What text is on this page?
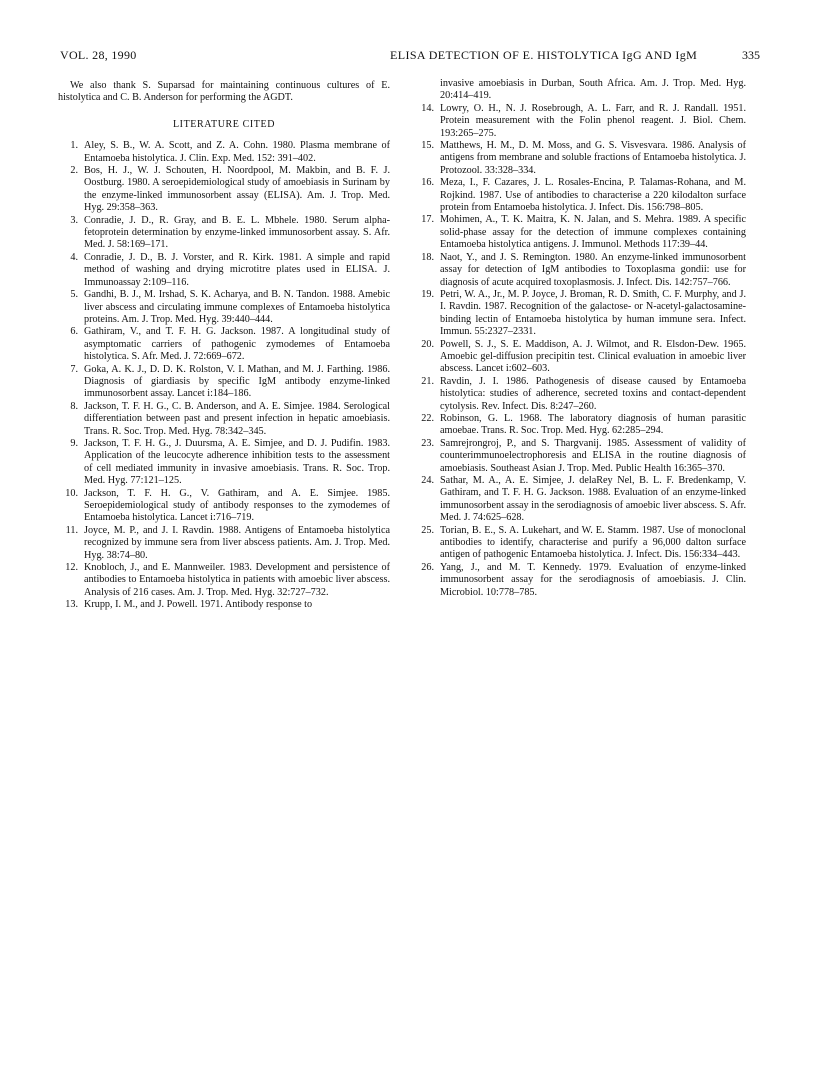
VOL. 28, 1990	ELISA DETECTION OF E. HISTOLYTICA IgG AND IgM	335

We also thank S. Suparsad for maintaining continuous cultures of E. histolytica and C. B. Anderson for performing the AGDT.

LITERATURE CITED
1. Aley, S. B., W. A. Scott, and Z. A. Cohn. 1980. Plasma membrane of Entamoeba histolytica. J. Clin. Exp. Med. 152: 391–402.
2. Bos, H. J., W. J. Schouten, H. Noordpool, M. Makbin, and B. F. J. Oostburg. 1980. A seroepidemiological study of amoebiasis in Surinam by the enzyme-linked immunosorbent assay (ELISA). Am. J. Trop. Med. Hyg. 29:358–363.
3. Conradie, J. D., R. Gray, and B. E. L. Mbhele. 1980. Serum alpha-fetoprotein determination by enzyme-linked immunosorbent assay. S. Afr. Med. J. 58:169–171.
4. Conradie, J. D., B. J. Vorster, and R. Kirk. 1981. A simple and rapid method of washing and drying microtitre plates used in ELISA. J. Immunoassay 2:109–116.
5. Gandhi, B. J., M. Irshad, S. K. Acharya, and B. N. Tandon. 1988. Amebic liver abscess and circulating immune complexes of Entamoeba histolytica proteins. Am. J. Trop. Med. Hyg. 39:440–444.
6. Gathiram, V., and T. F. H. G. Jackson. 1987. A longitudinal study of asymptomatic carriers of pathogenic zymodemes of Entamoeba histolytica. S. Afr. Med. J. 72:669–672.
7. Goka, A. K. J., D. D. K. Rolston, V. I. Mathan, and M. J. Farthing. 1986. Diagnosis of giardiasis by specific IgM antibody enzyme-linked immunosorbent assay. Lancet i:184–186.
8. Jackson, T. F. H. G., C. B. Anderson, and A. E. Simjee. 1984. Serological differentiation between past and present infection in hepatic amoebiasis. Trans. R. Soc. Trop. Med. Hyg. 78:342–345.
9. Jackson, T. F. H. G., J. Duursma, A. E. Simjee, and D. J. Pudifin. 1983. Application of the leucocyte adherence inhibition tests to the assessment of cell mediated immunity in invasive amoebiasis. Trans. R. Soc. Trop. Med. Hyg. 77:121–125.
10. Jackson, T. F. H. G., V. Gathiram, and A. E. Simjee. 1985. Seroepidemiological study of antibody responses to the zymodemes of Entamoeba histolytica. Lancet i:716–719.
11. Joyce, M. P., and J. I. Ravdin. 1988. Antigens of Entamoeba histolytica recognized by immune sera from liver abscess patients. Am. J. Trop. Med. Hyg. 38:74–80.
12. Knobloch, J., and E. Mannweiler. 1983. Development and persistence of antibodies to Entamoeba histolytica in patients with amoebic liver abscess. Analysis of 216 cases. Am. J. Trop. Med. Hyg. 32:727–732.
13. Krupp, I. M., and J. Powell. 1971. Antibody response to
invasive amoebiasis in Durban, South Africa. Am. J. Trop. Med. Hyg. 20:414–419.
14. Lowry, O. H., N. J. Rosebrough, A. L. Farr, and R. J. Randall. 1951. Protein measurement with the Folin phenol reagent. J. Biol. Chem. 193:265–275.
15. Matthews, H. M., D. M. Moss, and G. S. Visvesvara. 1986. Analysis of antigens from membrane and soluble fractions of Entamoeba histolytica. J. Protozool. 33:328–334.
16. Meza, I., F. Cazares, J. L. Rosales-Encina, P. Talamas-Rohana, and M. Rojkind. 1987. Use of antibodies to characterise a 220 kilodalton surface protein from Entamoeba histolytica. J. Infect. Dis. 156:798–805.
17. Mohimen, A., T. K. Maitra, K. N. Jalan, and S. Mehra. 1989. A specific solid-phase assay for the detection of immune complexes containing Entamoeba histolytica antigens. J. Immunol. Methods 117:39–44.
18. Naot, Y., and J. S. Remington. 1980. An enzyme-linked immunosorbent assay for detection of IgM antibodies to Toxoplasma gondii: use for diagnosis of acute acquired toxoplasmosis. J. Infect. Dis. 142:757–766.
19. Petri, W. A., Jr., M. P. Joyce, J. Broman, R. D. Smith, C. F. Murphy, and J. I. Ravdin. 1987. Recognition of the galactose- or N-acetyl-galactosamine-binding lectin of Entamoeba histolytica by human immune sera. Infect. Immun. 55:2327–2331.
20. Powell, S. J., S. E. Maddison, A. J. Wilmot, and R. Elsdon-Dew. 1965. Amoebic gel-diffusion precipitin test. Clinical evaluation in amoebic liver abscess. Lancet i:602–603.
21. Ravdin, J. I. 1986. Pathogenesis of disease caused by Entamoeba histolytica: studies of adherence, secreted toxins and contact-dependent cytolysis. Rev. Infect. Dis. 8:247–260.
22. Robinson, G. L. 1968. The laboratory diagnosis of human parasitic amoebae. Trans. R. Soc. Trop. Med. Hyg. 62:285–294.
23. Samrejrongroj, P., and S. Thargvanij. 1985. Assessment of validity of counterimmunoelectrophoresis and ELISA in the routine diagnosis of amoebiasis. Southeast Asian J. Trop. Med. Public Health 16:365–370.
24. Sathar, M. A., A. E. Simjee, J. delaRey Nel, B. L. F. Bredenkamp, V. Gathiram, and T. F. H. G. Jackson. 1988. Evaluation of an enzyme-linked immunosorbent assay in the serodiagnosis of amoebic liver abscess. S. Afr. Med. J. 74:625–628.
25. Torian, B. E., S. A. Lukehart, and W. E. Stamm. 1987. Use of monoclonal antibodies to identify, characterise and purify a 96,000 dalton surface antigen of pathogenic Entamoeba histolytica. J. Infect. Dis. 156:334–443.
26. Yang, J., and M. T. Kennedy. 1979. Evaluation of enzyme-linked immunosorbent assay for the serodiagnosis of amoebiasis. J. Clin. Microbiol. 10:778–785.
